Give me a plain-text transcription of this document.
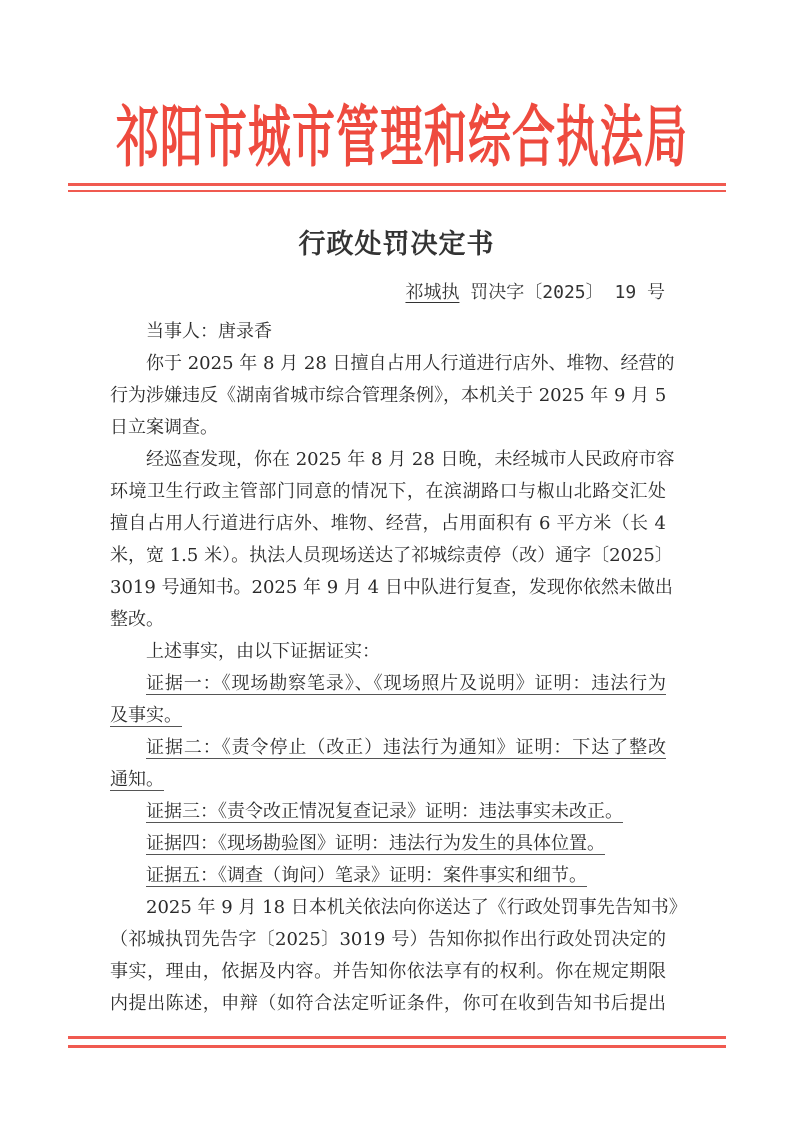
祁阳市城市管理和综合执法局
行政处罚决定书
祁城执 罚决字〔2025〕 19 号
当事人：唐录香
你于 2025 年 8 月 28 日擅自占用人行道进行店外、堆物、经营的
行为涉嫌违反《湖南省城市综合管理条例》，本机关于 2025 年 9 月 5
日立案调查。
经巡查发现，你在 2025 年 8 月 28 日晚，未经城市人民政府市容
环境卫生行政主管部门同意的情况下，在滨湖路口与椒山北路交汇处
擅自占用人行道进行店外、堆物、经营，占用面积有 6 平方米（长 4
米，宽 1.5 米）。执法人员现场送达了祁城综责停（改）通字〔2025〕
3019 号通知书。2025 年 9 月 4 日中队进行复查，发现你依然未做出
整改。
上述事实，由以下证据证实：
证据一：《现场勘察笔录》、《现场照片及说明》证明：违法行为
及事实。
证据二：《责令停止（改正）违法行为通知》证明：下达了整改
通知。
证据三：《责令改正情况复查记录》证明：违法事实未改正。
证据四：《现场勘验图》证明：违法行为发生的具体位置。
证据五：《调查（询问）笔录》证明：案件事实和细节。
2025 年 9 月 18 日本机关依法向你送达了《行政处罚事先告知书》
（祁城执罚先告字〔2025〕3019 号）告知你拟作出行政处罚决定的
事实，理由，依据及内容。并告知你依法享有的权利。你在规定期限
内提出陈述，申辩（如符合法定听证条件，你可在收到告知书后提出
